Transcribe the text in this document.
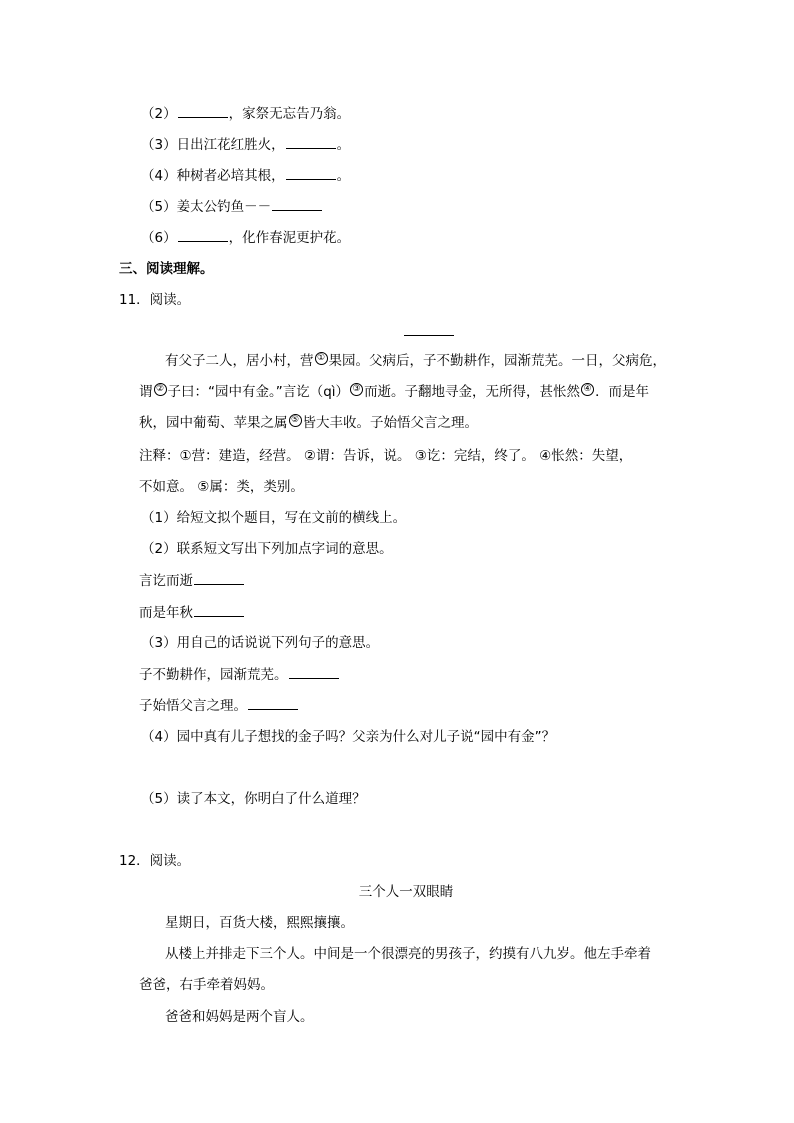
（2）	，家祭无忘告乃翁。
（3）日出江花红胜火，	。
（4）种树者必培其根，	。
（5）姜太公钓鱼－－
（6）	，化作春泥更护花。
三、阅读理解。
11．阅读。
有父子二人，居小村，营 ① 果园。父病后，子不勤耕作，园渐荒芜。一日，父病危，
谓 ② 子曰：“园中有金。”言讫（qì） ③ 而逝。子翻地寻金，无所得，甚怅然 ④ ．而是年
秋，园中葡萄、苹果之属 ⑤ 皆大丰收。子始悟父言之理。
注释：①营：建造，经营。 ②谓：告诉，说。 ③讫：完结，终了。 ④怅然：失望，
不如意。 ⑤属：类，类别。
（1）给短文拟个题目，写在文前的横线上。
（2）联系短文写出下列加点字词的意思。
言讫而逝
而是年秋
（3）用自己的话说说下列句子的意思。
子不勤耕作，园渐荒芜。
子始悟父言之理。
（4）园中真有儿子想找的金子吗？父亲为什么对儿子说“园中有金”？
（5）读了本文，你明白了什么道理？
12．阅读。
三个人一双眼睛
星期日，百货大楼，熙熙攘攘。
从楼上并排走下三个人。中间是一个很漂亮的男孩子，约摸有八九岁。他左手牵着
爸爸，右手牵着妈妈。
爸爸和妈妈是两个盲人。
